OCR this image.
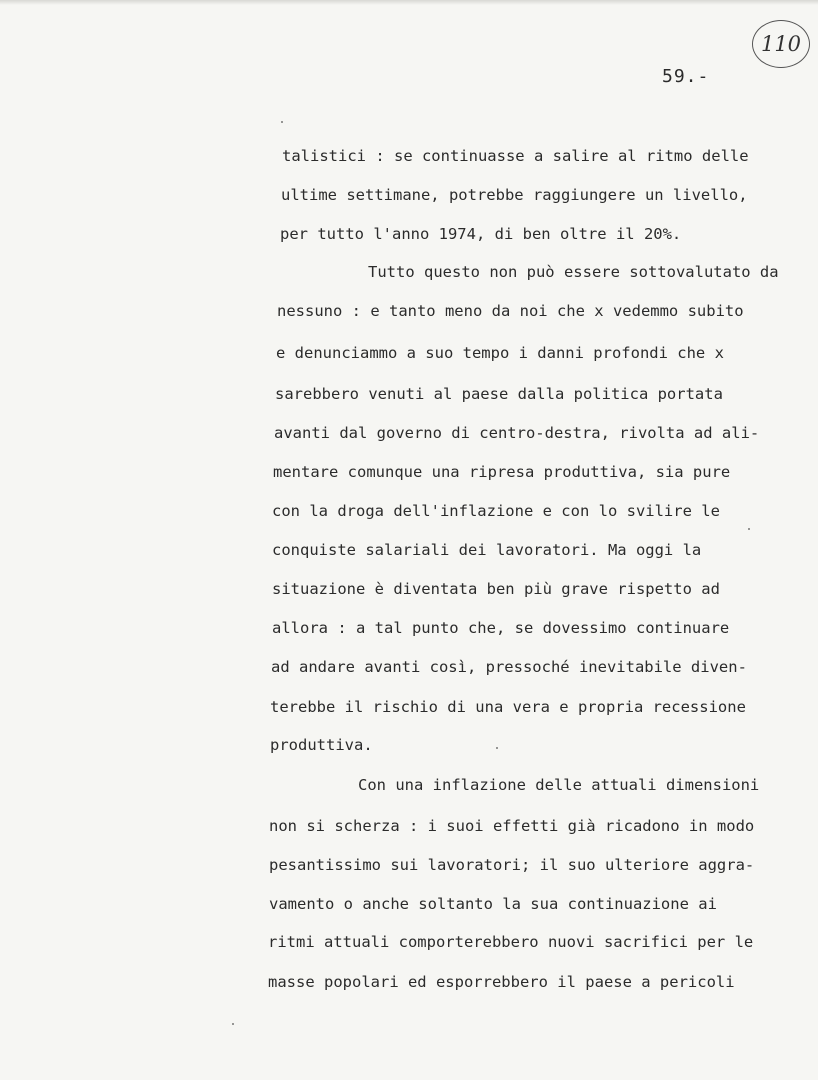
110
59.-
talistici : se continuasse a salire al ritmo delle
ultime settimane, potrebbe raggiungere un livello,
per tutto l'anno 1974, di ben oltre il 20%.
Tutto questo non può essere sottovalutato da
nessuno : e tanto meno da noi che x vedemmo subito
e denunciammo a suo tempo i danni profondi che x
sarebbero venuti al paese dalla politica portata
avanti dal governo di centro-destra, rivolta ad ali-
mentare comunque una ripresa produttiva, sia pure
con la droga dell'inflazione e con lo svilire le
conquiste salariali dei lavoratori. Ma oggi la
situazione è diventata ben più grave rispetto ad
allora : a tal punto che, se dovessimo continuare
ad andare avanti così, pressoché inevitabile diven-
terebbe il rischio di una vera e propria recessione
produttiva.
Con una inflazione delle attuali dimensioni
non si scherza : i suoi effetti già ricadono in modo
pesantissimo sui lavoratori; il suo ulteriore aggra-
vamento o anche soltanto la sua continuazione ai
ritmi attuali comporterebbero nuovi sacrifici per le
masse popolari ed esporrebbero il paese a pericoli
